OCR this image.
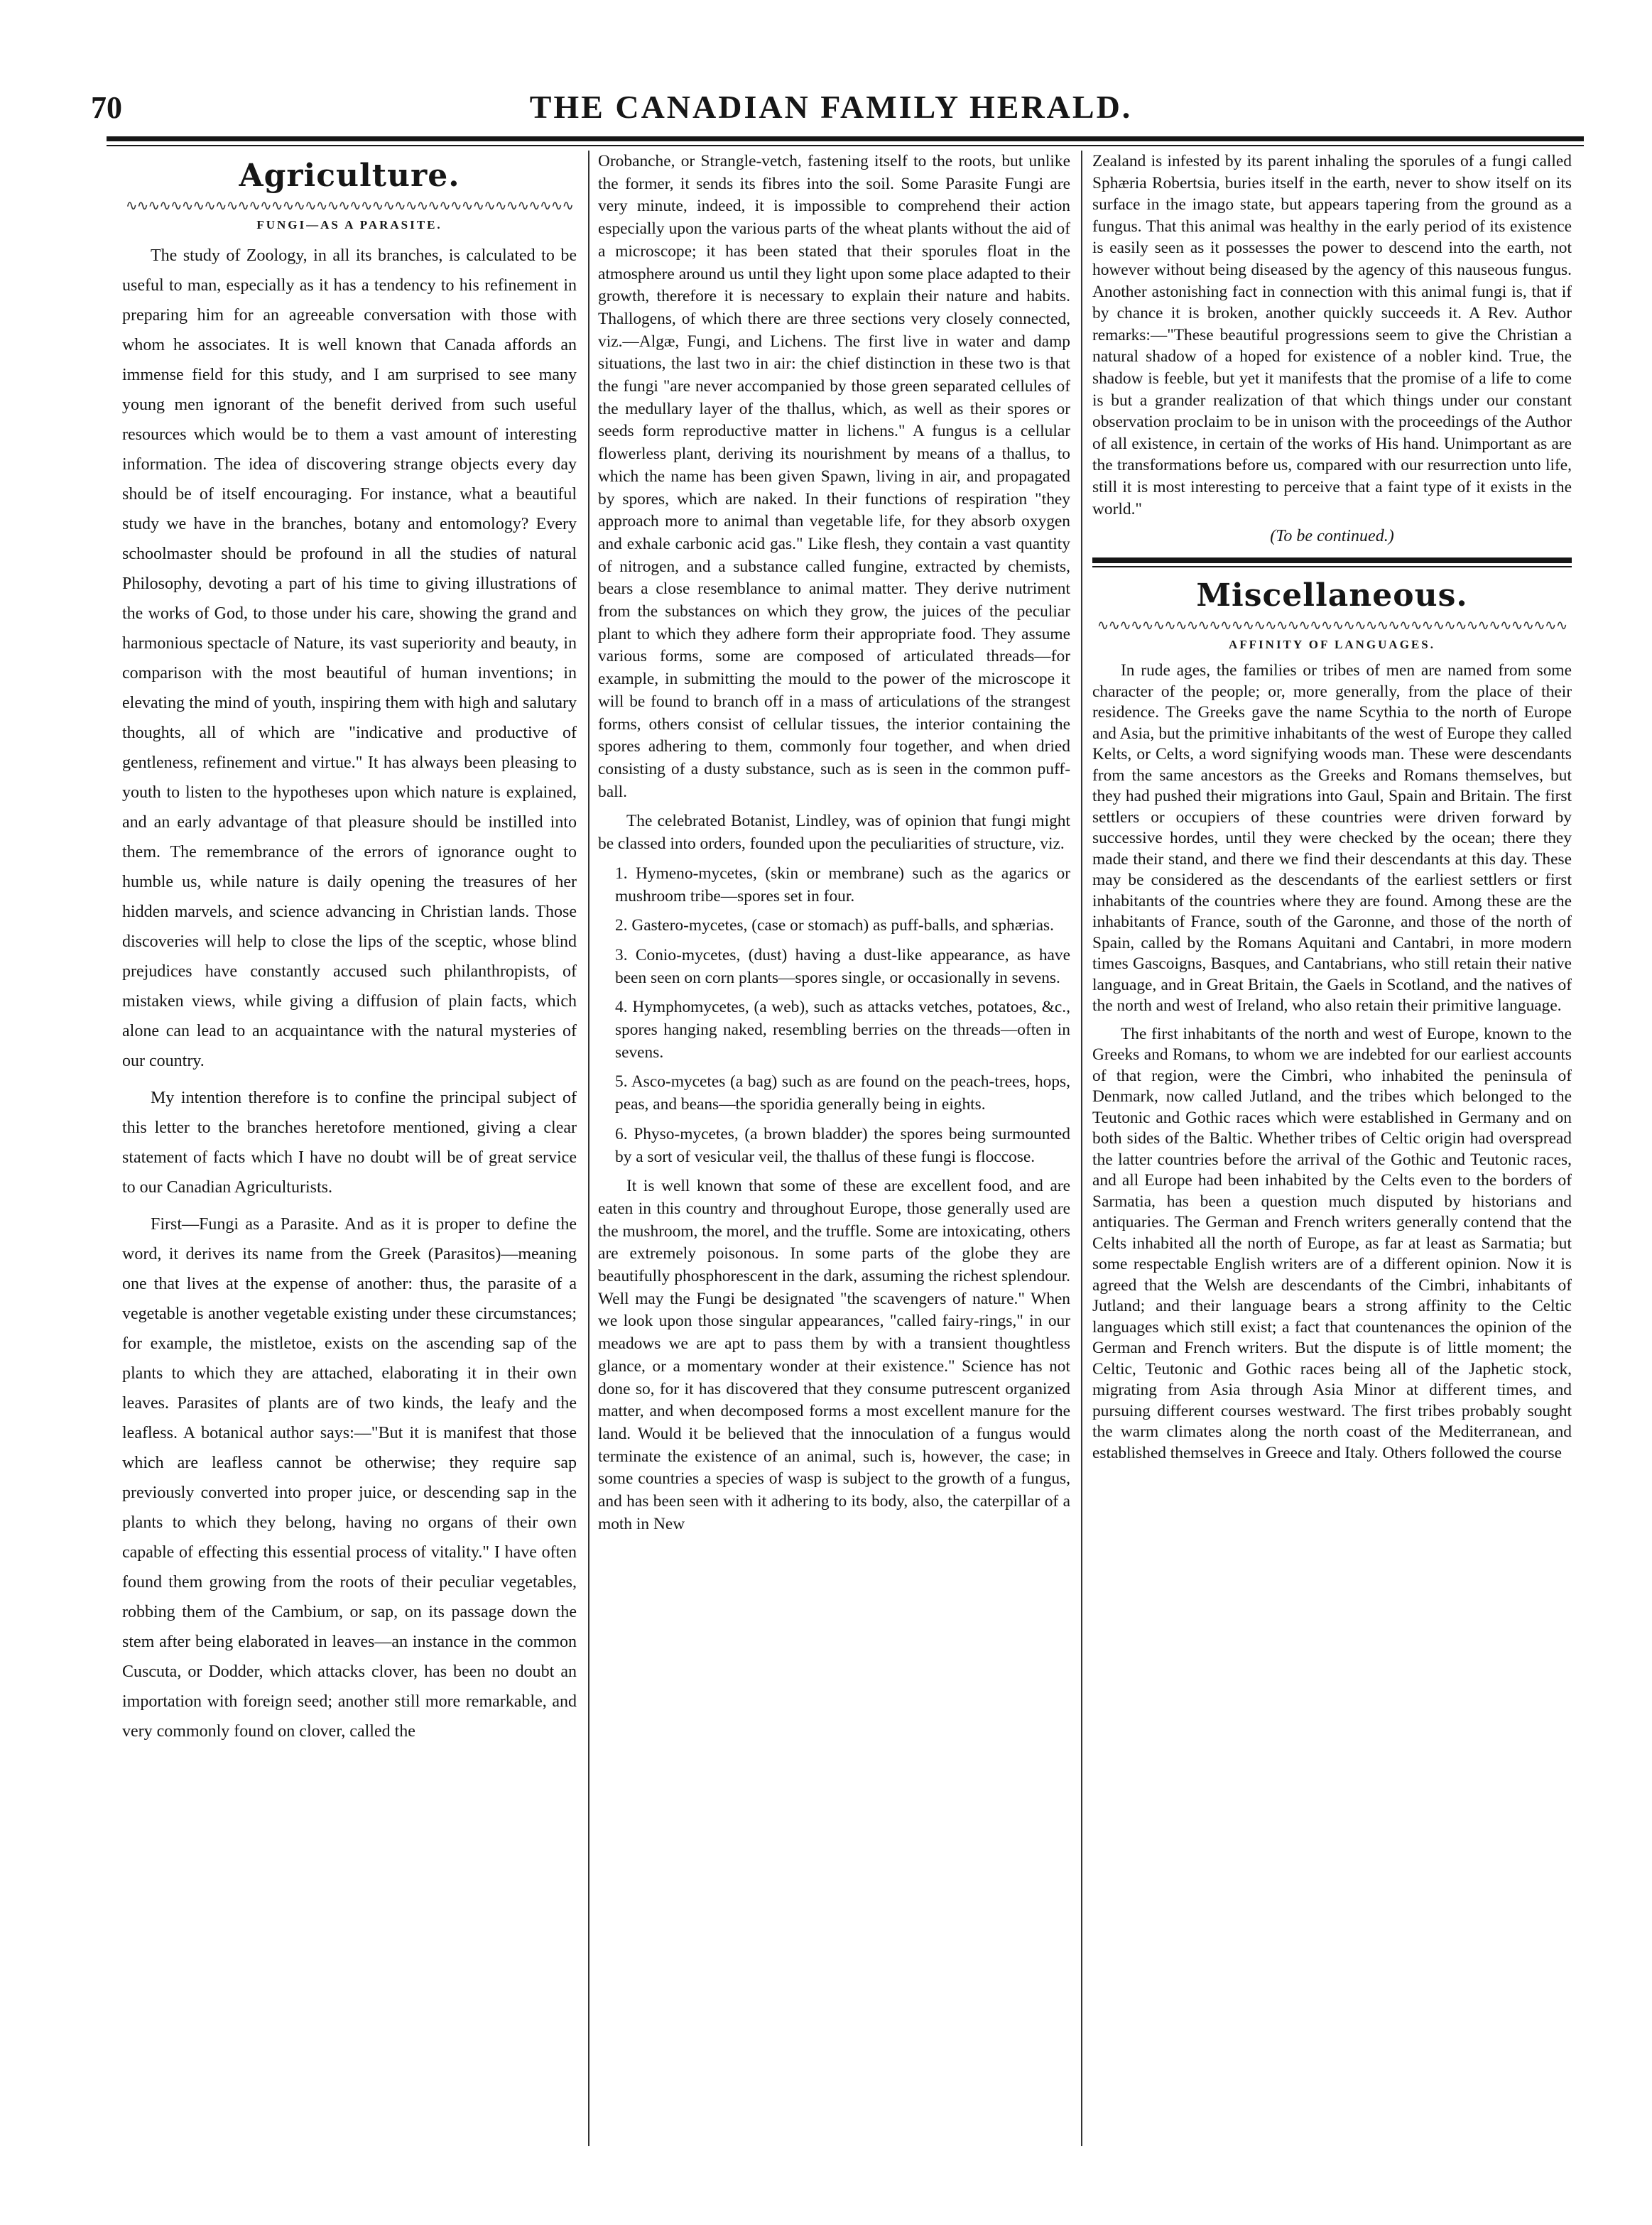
70	THE CANADIAN FAMILY HERALD.
Agriculture.
∿∿∿∿∿∿∿∿∿∿∿∿∿∿∿∿∿∿∿∿∿∿∿∿∿∿∿∿∿∿∿∿∿∿∿∿∿∿∿∿
FUNGI—AS A PARASITE.

The study of Zoology, in all its branches, is calculated to be useful to man, especially as it has a tendency to his refinement in preparing him for an agreeable conversation with those with whom he associates. It is well known that Canada affords an immense field for this study, and I am surprised to see many young men ignorant of the benefit derived from such useful resources which would be to them a vast amount of interesting information. The idea of discovering strange objects every day should be of itself encouraging. For instance, what a beautiful study we have in the branches, botany and entomology? Every schoolmaster should be profound in all the studies of natural Philosophy, devoting a part of his time to giving illustrations of the works of God, to those under his care, showing the grand and harmonious spectacle of Nature, its vast superiority and beauty, in comparison with the most beautiful of human inventions; in elevating the mind of youth, inspiring them with high and salutary thoughts, all of which are "indicative and productive of gentleness, refinement and virtue." It has always been pleasing to youth to listen to the hypotheses upon which nature is explained, and an early advantage of that pleasure should be instilled into them. The remembrance of the errors of ignorance ought to humble us, while nature is daily opening the treasures of her hidden marvels, and science advancing in Christian lands. Those discoveries will help to close the lips of the sceptic, whose blind prejudices have constantly accused such philanthropists, of mistaken views, while giving a diffusion of plain facts, which alone can lead to an acquaintance with the natural mysteries of our country.

My intention therefore is to confine the principal subject of this letter to the branches heretofore mentioned, giving a clear statement of facts which I have no doubt will be of great service to our Canadian Agriculturists.

First—Fungi as a Parasite. And as it is proper to define the word, it derives its name from the Greek (Parasitos)—meaning one that lives at the expense of another: thus, the parasite of a vegetable is another vegetable existing under these circumstances; for example, the mistletoe, exists on the ascending sap of the plants to which they are attached, elaborating it in their own leaves. Parasites of plants are of two kinds, the leafy and the leafless. A botanical author says:—"But it is manifest that those which are leafless cannot be otherwise; they require sap previously converted into proper juice, or descending sap in the plants to which they belong, having no organs of their own capable of effecting this essential process of vitality." I have often found them growing from the roots of their peculiar vegetables, robbing them of the Cambium, or sap, on its passage down the stem after being elaborated in leaves—an instance in the common Cuscuta, or Dodder, which attacks clover, has been no doubt an importation with foreign seed; another still more remarkable, and very commonly found on clover, called the

Orobanche, or Strangle-vetch, fastening itself to the roots, but unlike the former, it sends its fibres into the soil. Some Parasite Fungi are very minute, indeed, it is impossible to comprehend their action especially upon the various parts of the wheat plants without the aid of a microscope; it has been stated that their sporules float in the atmosphere around us until they light upon some place adapted to their growth, therefore it is necessary to explain their nature and habits. Thallogens, of which there are three sections very closely connected, viz.—Algæ, Fungi, and Lichens. The first live in water and damp situations, the last two in air: the chief distinction in these two is that the fungi "are never accompanied by those green separated cellules of the medullary layer of the thallus, which, as well as their spores or seeds form reproductive matter in lichens." A fungus is a cellular flowerless plant, deriving its nourishment by means of a thallus, to which the name has been given Spawn, living in air, and propagated by spores, which are naked. In their functions of respiration "they approach more to animal than vegetable life, for they absorb oxygen and exhale carbonic acid gas." Like flesh, they contain a vast quantity of nitrogen, and a substance called fungine, extracted by chemists, bears a close resemblance to animal matter. They derive nutriment from the substances on which they grow, the juices of the peculiar plant to which they adhere form their appropriate food. They assume various forms, some are composed of articulated threads—for example, in submitting the mould to the power of the microscope it will be found to branch off in a mass of articulations of the strangest forms, others consist of cellular tissues, the interior containing the spores adhering to them, commonly four together, and when dried consisting of a dusty substance, such as is seen in the common puff-ball.

The celebrated Botanist, Lindley, was of opinion that fungi might be classed into orders, founded upon the peculiarities of structure, viz.

1. Hymeno-mycetes, (skin or membrane) such as the agarics or mushroom tribe—spores set in four.

2. Gastero-mycetes, (case or stomach) as puff-balls, and sphærias.

3. Conio-mycetes, (dust) having a dust-like appearance, as have been seen on corn plants—spores single, or occasionally in sevens.

4. Hymphomycetes, (a web), such as attacks vetches, potatoes, &c., spores hanging naked, resembling berries on the threads—often in sevens.

5. Asco-mycetes (a bag) such as are found on the peach-trees, hops, peas, and beans—the sporidia generally being in eights.

6. Physo-mycetes, (a brown bladder) the spores being surmounted by a sort of vesicular veil, the thallus of these fungi is floccose.

It is well known that some of these are excellent food, and are eaten in this country and throughout Europe, those generally used are the mushroom, the morel, and the truffle. Some are intoxicating, others are extremely poisonous. In some parts of the globe they are beautifully phosphorescent in the dark, assuming the richest splendour. Well may the Fungi be designated "the scavengers of nature." When we look upon those singular appearances, "called fairy-rings," in our meadows we are apt to pass them by with a transient thoughtless glance, or a momentary wonder at their existence." Science has not done so, for it has discovered that they consume putrescent organized matter, and when decomposed forms a most excellent manure for the land. Would it be believed that the innoculation of a fungus would terminate the existence of an animal, such is, however, the case; in some countries a species of wasp is subject to the growth of a fungus, and has been seen with it adhering to its body, also, the caterpillar of a moth in New

Zealand is infested by its parent inhaling the sporules of a fungi called Sphæria Robertsia, buries itself in the earth, never to show itself on its surface in the imago state, but appears tapering from the ground as a fungus. That this animal was healthy in the early period of its existence is easily seen as it possesses the power to descend into the earth, not however without being diseased by the agency of this nauseous fungus. Another astonishing fact in connection with this animal fungi is, that if by chance it is broken, another quickly succeeds it. A Rev. Author remarks:—"These beautiful progressions seem to give the Christian a natural shadow of a hoped for existence of a nobler kind. True, the shadow is feeble, but yet it manifests that the promise of a life to come is but a grander realization of that which things under our constant observation proclaim to be in unison with the proceedings of the Author of all existence, in certain of the works of His hand. Unimportant as are the transformations before us, compared with our resurrection unto life, still it is most interesting to perceive that a faint type of it exists in the world."

(To be continued.)
Miscellaneous.
∿∿∿∿∿∿∿∿∿∿∿∿∿∿∿∿∿∿∿∿∿∿∿∿∿∿∿∿∿∿∿∿∿∿∿∿∿∿∿∿∿∿
AFFINITY OF LANGUAGES.

In rude ages, the families or tribes of men are named from some character of the people; or, more generally, from the place of their residence. The Greeks gave the name Scythia to the north of Europe and Asia, but the primitive inhabitants of the west of Europe they called Kelts, or Celts, a word signifying woods man. These were descendants from the same ancestors as the Greeks and Romans themselves, but they had pushed their migrations into Gaul, Spain and Britain. The first settlers or occupiers of these countries were driven forward by successive hordes, until they were checked by the ocean; there they made their stand, and there we find their descendants at this day. These may be considered as the descendants of the earliest settlers or first inhabitants of the countries where they are found. Among these are the inhabitants of France, south of the Garonne, and those of the north of Spain, called by the Romans Aquitani and Cantabri, in more modern times Gascoigns, Basques, and Cantabrians, who still retain their native language, and in Great Britain, the Gaels in Scotland, and the natives of the north and west of Ireland, who also retain their primitive language.

The first inhabitants of the north and west of Europe, known to the Greeks and Romans, to whom we are indebted for our earliest accounts of that region, were the Cimbri, who inhabited the peninsula of Denmark, now called Jutland, and the tribes which belonged to the Teutonic and Gothic races which were established in Germany and on both sides of the Baltic. Whether tribes of Celtic origin had overspread the latter countries before the arrival of the Gothic and Teutonic races, and all Europe had been inhabited by the Celts even to the borders of Sarmatia, has been a question much disputed by historians and antiquaries. The German and French writers generally contend that the Celts inhabited all the north of Europe, as far at least as Sarmatia; but some respectable English writers are of a different opinion. Now it is agreed that the Welsh are descendants of the Cimbri, inhabitants of Jutland; and their language bears a strong affinity to the Celtic languages which still exist; a fact that countenances the opinion of the German and French writers. But the dispute is of little moment; the Celtic, Teutonic and Gothic races being all of the Japhetic stock, migrating from Asia through Asia Minor at different times, and pursuing different courses westward. The first tribes probably sought the warm climates along the north coast of the Mediterranean, and established themselves in Greece and Italy. Others followed the course
